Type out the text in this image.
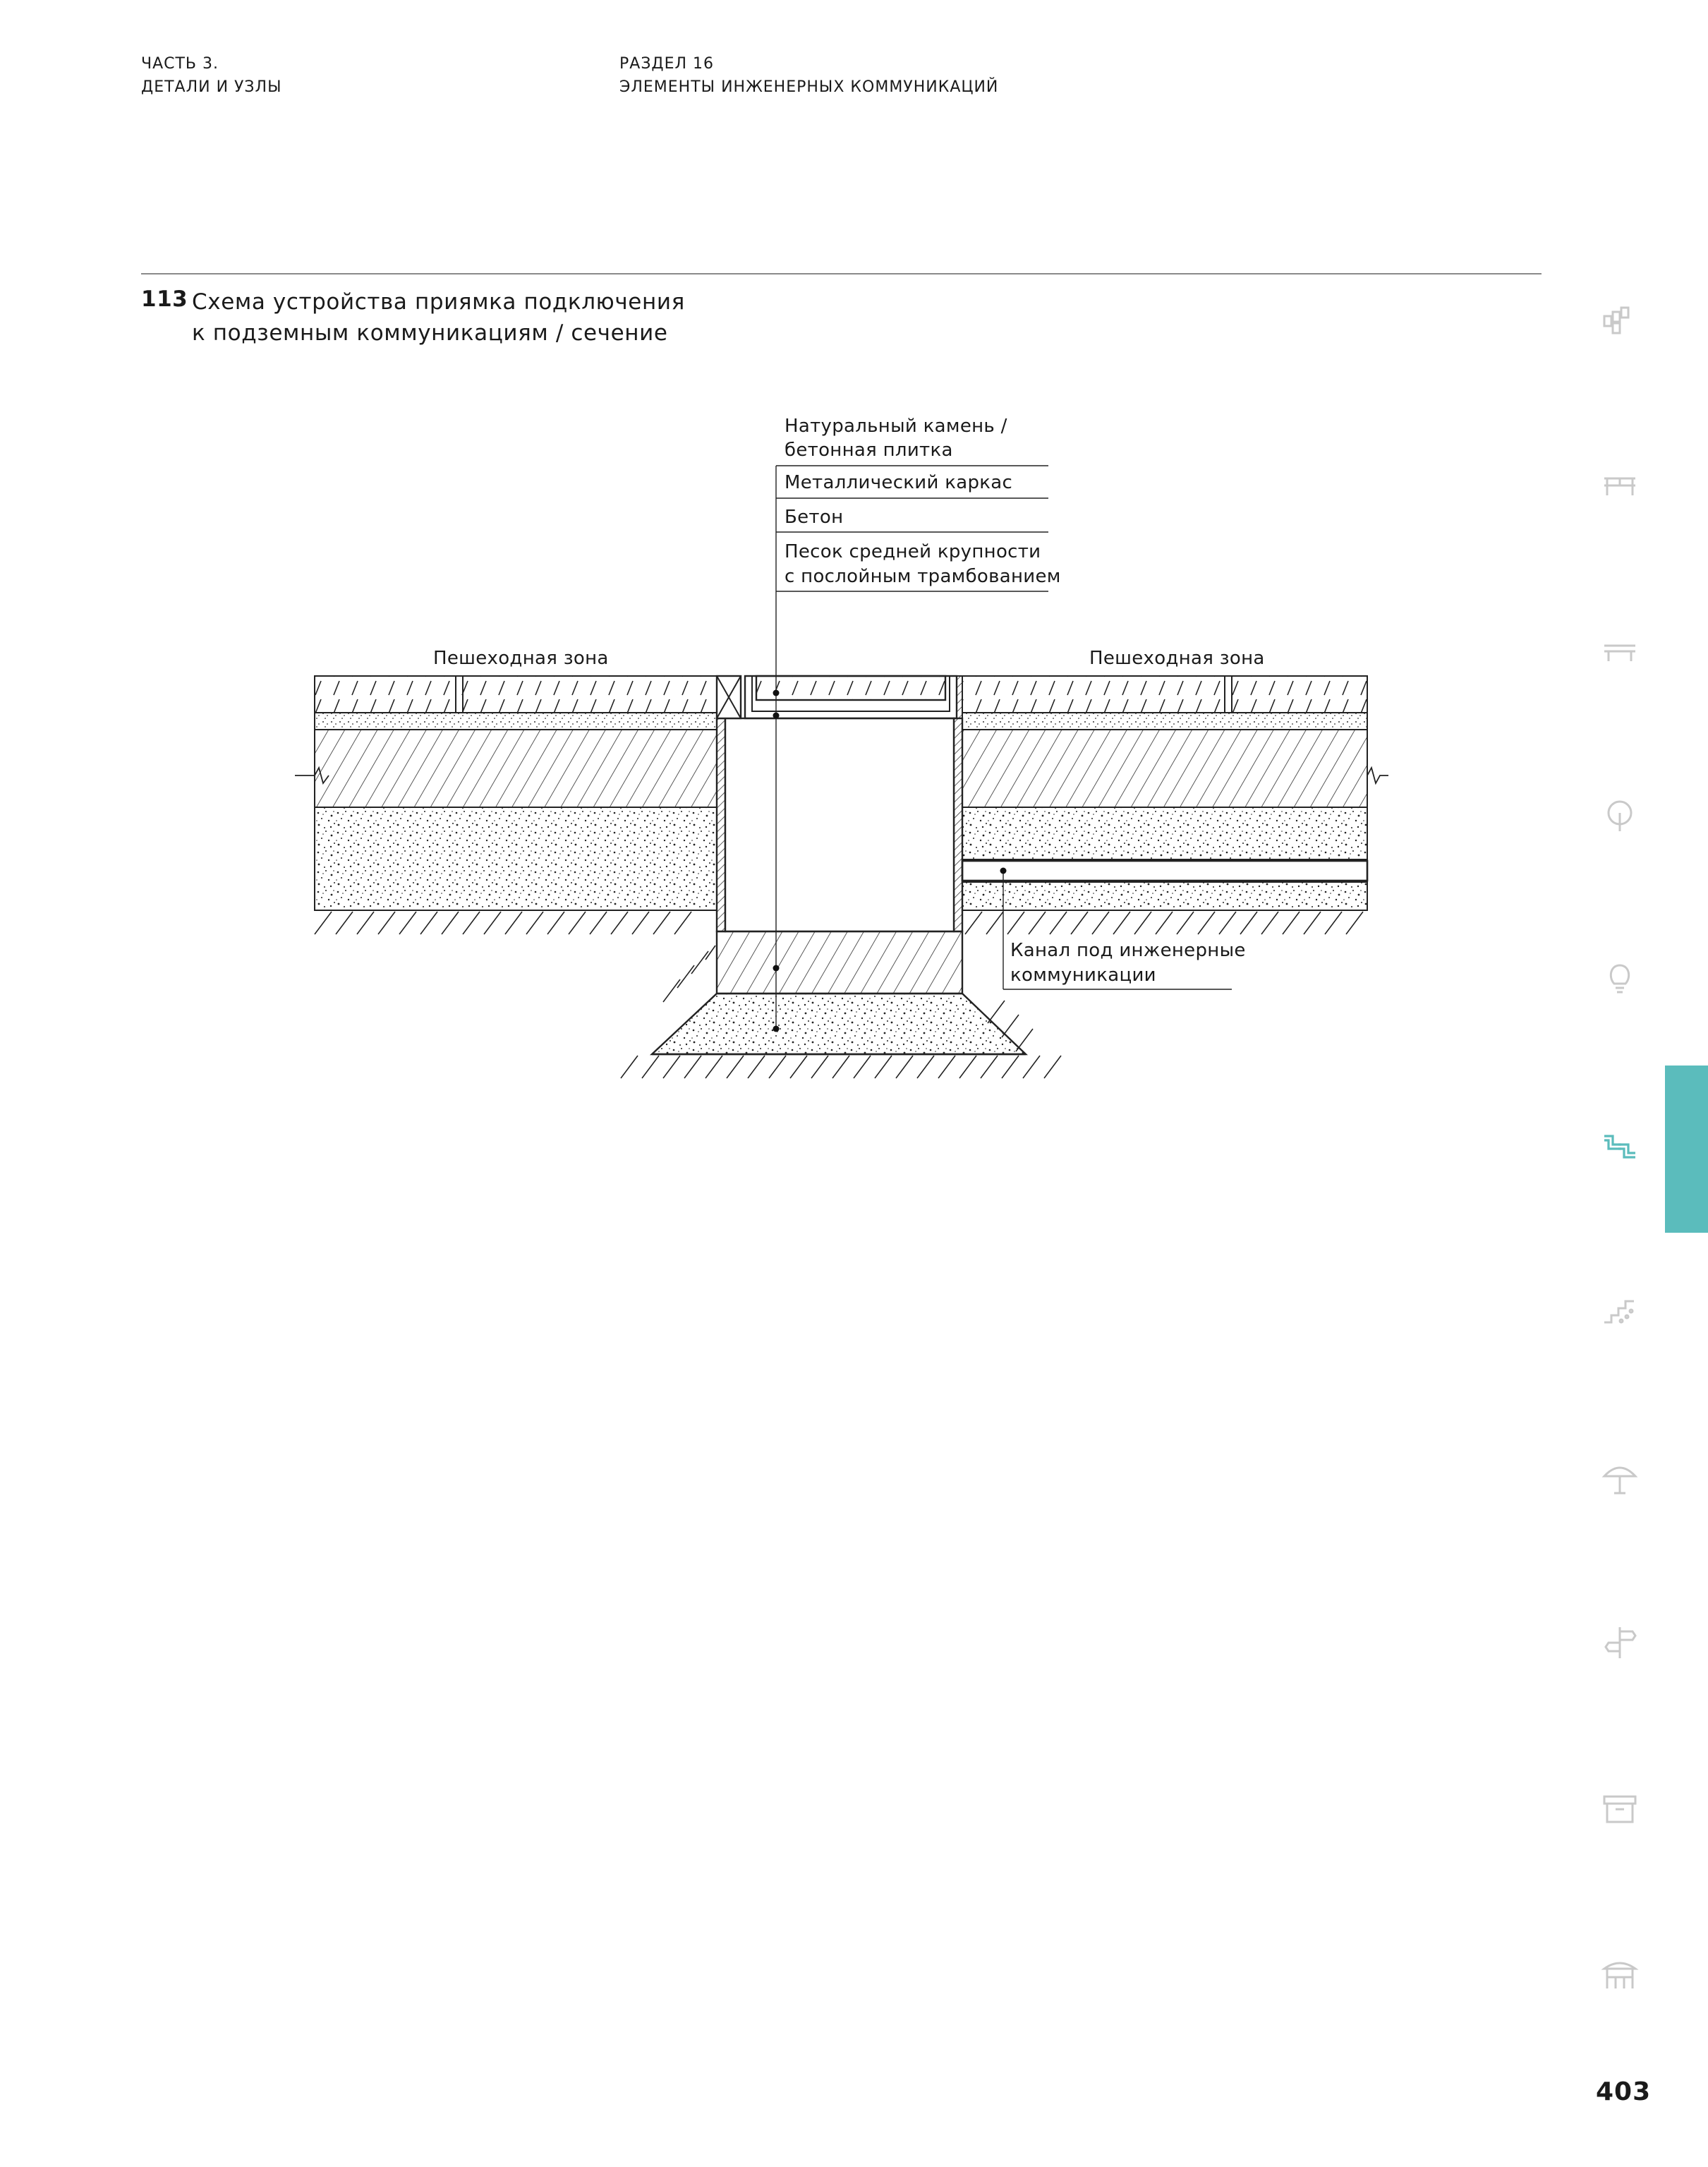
ЧАСТЬ 3.
ДЕТАЛИ И УЗЛЫ
РАЗДЕЛ 16
ЭЛЕМЕНТЫ ИНЖЕНЕРНЫХ КОММУНИКАЦИЙ
113 Схема устройства приямка подключения
к подземным коммуникациям / сечение
Пешеходная зона	Пешеходная зона
Натуральный камень /
бетонная плитка
Металлический каркас
Бетон
Песок средней крупности
с послойным трамбованием
Канал под инженерные
коммуникации
403
